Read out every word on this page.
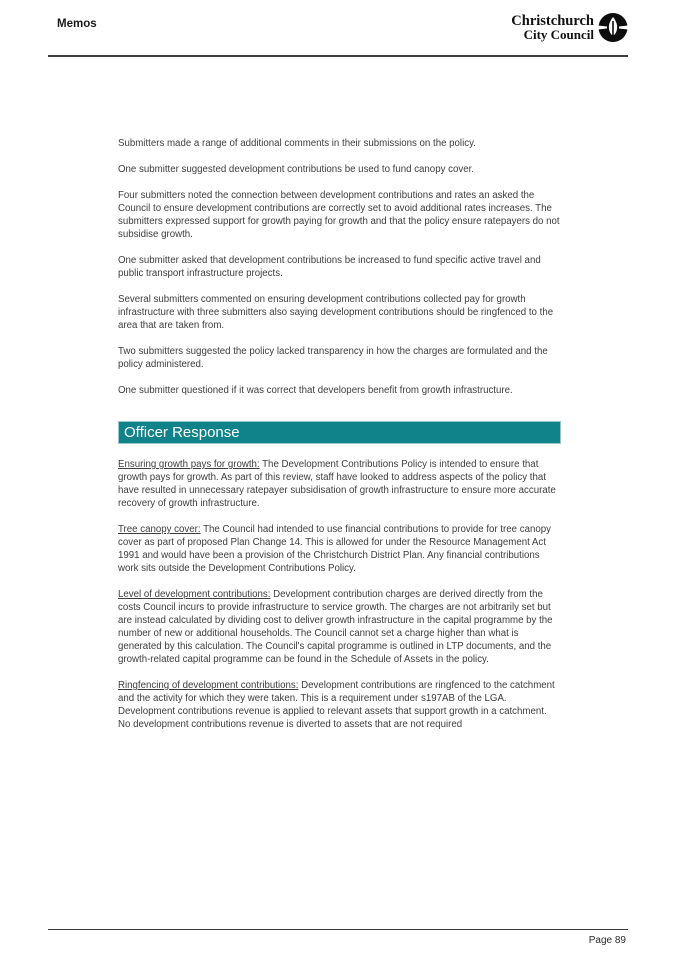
Memos	Christchurch
City Council

Submitters made a range of additional comments in their submissions on the policy.

One submitter suggested development contributions be used to fund canopy cover.

Four submitters noted the connection between development contributions and rates an asked the Council to ensure development contributions are correctly set to avoid additional rates increases. The submitters expressed support for growth paying for growth and that the policy ensure ratepayers do not subsidise growth.

One submitter asked that development contributions be increased to fund specific active travel and public transport infrastructure projects.

Several submitters commented on ensuring development contributions collected pay for growth infrastructure with three submitters also saying development contributions should be ringfenced to the area that are taken from.

Two submitters suggested the policy lacked transparency in how the charges are formulated and the policy administered.

One submitter questioned if it was correct that developers benefit from growth infrastructure.

Officer Response

Ensuring growth pays for growth: The Development Contributions Policy is intended to ensure that growth pays for growth. As part of this review, staff have looked to address aspects of the policy that have resulted in unnecessary ratepayer subsidisation of growth infrastructure to ensure more accurate recovery of growth infrastructure.

Tree canopy cover: The Council had intended to use financial contributions to provide for tree canopy cover as part of proposed Plan Change 14. This is allowed for under the Resource Management Act 1991 and would have been a provision of the Christchurch District Plan. Any financial contributions work sits outside the Development Contributions Policy.

Level of development contributions: Development contribution charges are derived directly from the costs Council incurs to provide infrastructure to service growth. The charges are not arbitrarily set but are instead calculated by dividing cost to deliver growth infrastructure in the capital programme by the number of new or additional households. The Council cannot set a charge higher than what is generated by this calculation. The Council's capital programme is outlined in LTP documents, and the growth-related capital programme can be found in the Schedule of Assets in the policy.

Ringfencing of development contributions: Development contributions are ringfenced to the catchment and the activity for which they were taken. This is a requirement under s197AB of the LGA. Development contributions revenue is applied to relevant assets that support growth in a catchment. No development contributions revenue is diverted to assets that are not required

Page 89
